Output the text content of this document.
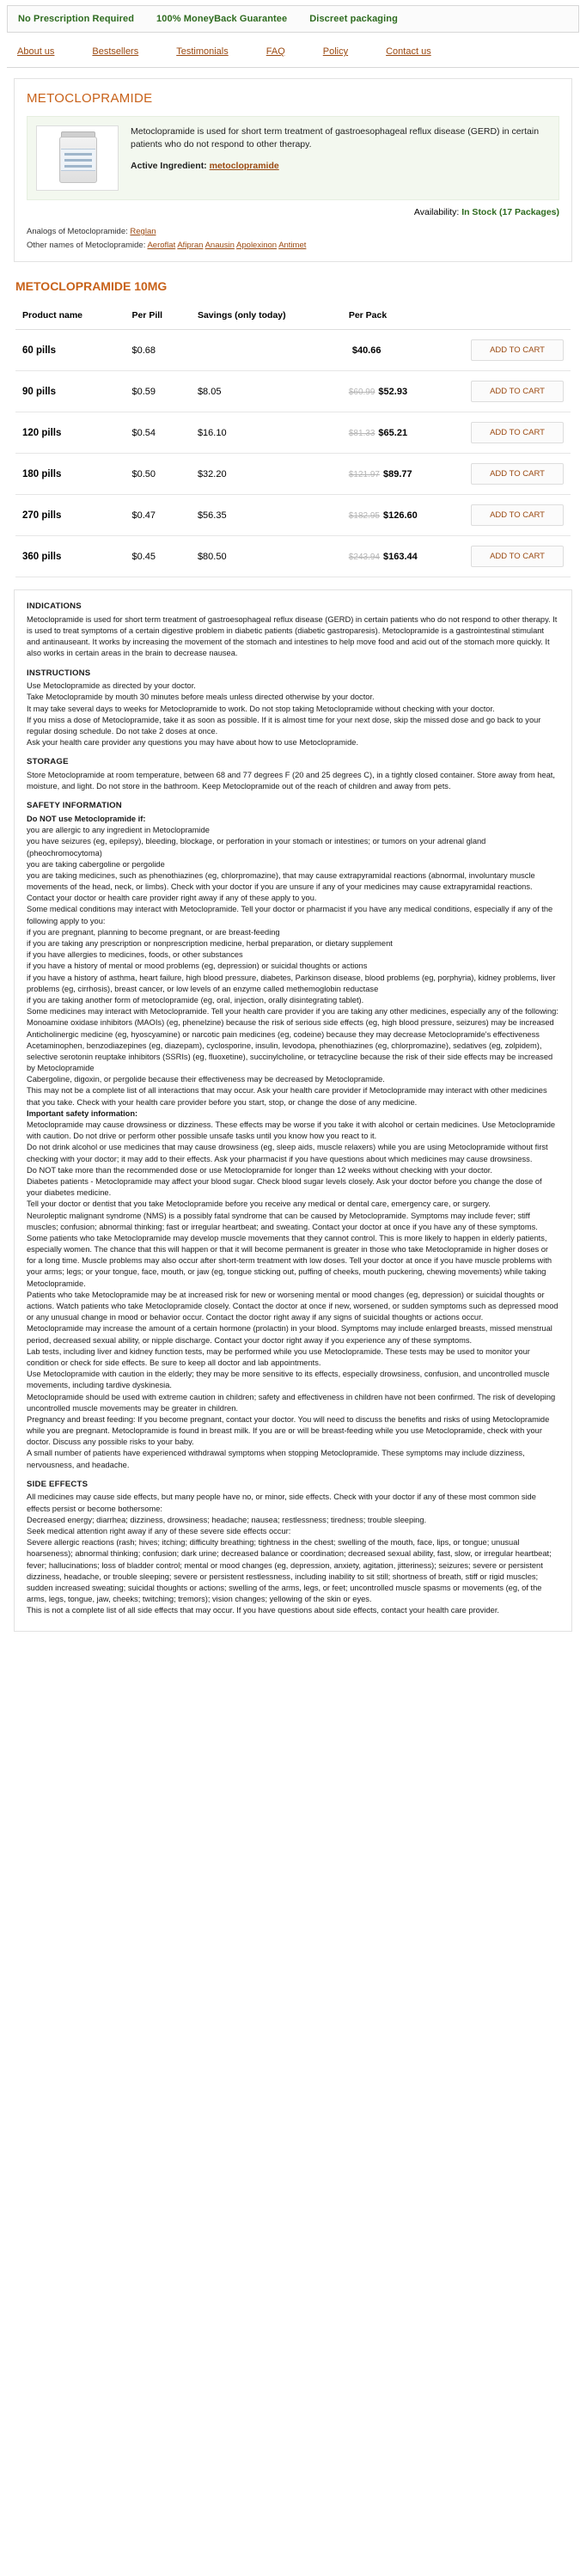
No Prescription Required 100% MoneyBack Guarantee Discreet packaging
About us	Bestsellers	Testimonials	FAQ	Policy	Contact us
METOCLOPRAMIDE

Metoclopramide is used for short term treatment of gastroesophageal reflux disease (GERD) in certain patients who do not respond to other therapy.

Active Ingredient: metoclopramide
Availability: In Stock (17 Packages)
Analogs of Metoclopramide: Reglan
Other names of Metoclopramide: Aeroflat Afipran Anausin Apolexinon Antimet
METOCLOPRAMIDE 10MG
Product name	Per Pill	Savings (only today)	Per Pack	
60 pills	$0.68		$40.66	ADD TO CART
90 pills	$0.59	$8.05	$60.99 $52.93	ADD TO CART
120 pills	$0.54	$16.10	$81.33 $65.21	ADD TO CART
180 pills	$0.50	$32.20	$121.97 $89.77	ADD TO CART
270 pills	$0.47	$56.35	$182.95 $126.60	ADD TO CART
360 pills	$0.45	$80.50	$243.94 $163.44	ADD TO CART
INDICATIONS

Metoclopramide is used for short term treatment of gastroesophageal reflux disease (GERD) in certain patients who do not respond to other therapy. It is used to treat symptoms of a certain digestive problem in diabetic patients (diabetic gastroparesis). Metoclopramide is a gastrointestinal stimulant and antinauseant. It works by increasing the movement of the stomach and intestines to help move food and acid out of the stomach more quickly. It also works in certain areas in the brain to decrease nausea.

INSTRUCTIONS

Use Metoclopramide as directed by your doctor.

Take Metoclopramide by mouth 30 minutes before meals unless directed otherwise by your doctor.

It may take several days to weeks for Metoclopramide to work. Do not stop taking Metoclopramide without checking with your doctor.

If you miss a dose of Metoclopramide, take it as soon as possible. If it is almost time for your next dose, skip the missed dose and go back to your regular dosing schedule. Do not take 2 doses at once.

Ask your health care provider any questions you may have about how to use Metoclopramide.

STORAGE

Store Metoclopramide at room temperature, between 68 and 77 degrees F (20 and 25 degrees C), in a tightly closed container. Store away from heat, moisture, and light. Do not store in the bathroom. Keep Metoclopramide out of the reach of children and away from pets.

SAFETY INFORMATION

Do NOT use Metoclopramide if:

you are allergic to any ingredient in Metoclopramide

you have seizures (eg, epilepsy), bleeding, blockage, or perforation in your stomach or intestines; or tumors on your adrenal gland (pheochromocytoma)

you are taking cabergoline or pergolide

you are taking medicines, such as phenothiazines (eg, chlorpromazine), that may cause extrapyramidal reactions (abnormal, involuntary muscle movements of the head, neck, or limbs). Check with your doctor if you are unsure if any of your medicines may cause extrapyramidal reactions.

Contact your doctor or health care provider right away if any of these apply to you.

Some medical conditions may interact with Metoclopramide. Tell your doctor or pharmacist if you have any medical conditions, especially if any of the following apply to you:

if you are pregnant, planning to become pregnant, or are breast-feeding

if you are taking any prescription or nonprescription medicine, herbal preparation, or dietary supplement

if you have allergies to medicines, foods, or other substances

if you have a history of mental or mood problems (eg, depression) or suicidal thoughts or actions

if you have a history of asthma, heart failure, high blood pressure, diabetes, Parkinson disease, blood problems (eg, porphyria), kidney problems, liver problems (eg, cirrhosis), breast cancer, or low levels of an enzyme called methemoglobin reductase

if you are taking another form of metoclopramide (eg, oral, injection, orally disintegrating tablet).

Some medicines may interact with Metoclopramide. Tell your health care provider if you are taking any other medicines, especially any of the following:

Monoamine oxidase inhibitors (MAOIs) (eg, phenelzine) because the risk of serious side effects (eg, high blood pressure, seizures) may be increased

Anticholinergic medicine (eg, hyoscyamine) or narcotic pain medicines (eg, codeine) because they may decrease Metoclopramide's effectiveness

Acetaminophen, benzodiazepines (eg, diazepam), cyclosporine, insulin, levodopa, phenothiazines (eg, chlorpromazine), sedatives (eg, zolpidem), selective serotonin reuptake inhibitors (SSRIs) (eg, fluoxetine), succinylcholine, or tetracycline because the risk of their side effects may be increased by Metoclopramide

Cabergoline, digoxin, or pergolide because their effectiveness may be decreased by Metoclopramide.

This may not be a complete list of all interactions that may occur. Ask your health care provider if Metoclopramide may interact with other medicines that you take. Check with your health care provider before you start, stop, or change the dose of any medicine.

Important safety information:

Metoclopramide may cause drowsiness or dizziness. These effects may be worse if you take it with alcohol or certain medicines. Use Metoclopramide with caution. Do not drive or perform other possible unsafe tasks until you know how you react to it.

Do not drink alcohol or use medicines that may cause drowsiness (eg, sleep aids, muscle relaxers) while you are using Metoclopramide without first checking with your doctor; it may add to their effects. Ask your pharmacist if you have questions about which medicines may cause drowsiness.

Do NOT take more than the recommended dose or use Metoclopramide for longer than 12 weeks without checking with your doctor.

Diabetes patients - Metoclopramide may affect your blood sugar. Check blood sugar levels closely. Ask your doctor before you change the dose of your diabetes medicine.

Tell your doctor or dentist that you take Metoclopramide before you receive any medical or dental care, emergency care, or surgery.

Neuroleptic malignant syndrome (NMS) is a possibly fatal syndrome that can be caused by Metoclopramide. Symptoms may include fever; stiff muscles; confusion; abnormal thinking; fast or irregular heartbeat; and sweating. Contact your doctor at once if you have any of these symptoms.

Some patients who take Metoclopramide may develop muscle movements that they cannot control. This is more likely to happen in elderly patients, especially women. The chance that this will happen or that it will become permanent is greater in those who take Metoclopramide in higher doses or for a long time. Muscle problems may also occur after short-term treatment with low doses. Tell your doctor at once if you have muscle problems with your arms; legs; or your tongue, face, mouth, or jaw (eg, tongue sticking out, puffing of cheeks, mouth puckering, chewing movements) while taking Metoclopramide.

Patients who take Metoclopramide may be at increased risk for new or worsening mental or mood changes (eg, depression) or suicidal thoughts or actions. Watch patients who take Metoclopramide closely. Contact the doctor at once if new, worsened, or sudden symptoms such as depressed mood or any unusual change in mood or behavior occur. Contact the doctor right away if any signs of suicidal thoughts or actions occur.

Metoclopramide may increase the amount of a certain hormone (prolactin) in your blood. Symptoms may include enlarged breasts, missed menstrual period, decreased sexual ability, or nipple discharge. Contact your doctor right away if you experience any of these symptoms.

Lab tests, including liver and kidney function tests, may be performed while you use Metoclopramide. These tests may be used to monitor your condition or check for side effects. Be sure to keep all doctor and lab appointments.

Use Metoclopramide with caution in the elderly; they may be more sensitive to its effects, especially drowsiness, confusion, and uncontrolled muscle movements, including tardive dyskinesia.

Metoclopramide should be used with extreme caution in children; safety and effectiveness in children have not been confirmed. The risk of developing uncontrolled muscle movements may be greater in children.

Pregnancy and breast feeding: If you become pregnant, contact your doctor. You will need to discuss the benefits and risks of using Metoclopramide while you are pregnant. Metoclopramide is found in breast milk. If you are or will be breast-feeding while you use Metoclopramide, check with your doctor. Discuss any possible risks to your baby.

A small number of patients have experienced withdrawal symptoms when stopping Metoclopramide. These symptoms may include dizziness, nervousness, and headache.

SIDE EFFECTS

All medicines may cause side effects, but many people have no, or minor, side effects. Check with your doctor if any of these most common side effects persist or become bothersome:

Decreased energy; diarrhea; dizziness, drowsiness; headache; nausea; restlessness; tiredness; trouble sleeping.

Seek medical attention right away if any of these severe side effects occur:

Severe allergic reactions (rash; hives; itching; difficulty breathing; tightness in the chest; swelling of the mouth, face, lips, or tongue; unusual hoarseness); abnormal thinking; confusion; dark urine; decreased balance or coordination; decreased sexual ability, fast, slow, or irregular heartbeat; fever; hallucinations; loss of bladder control; mental or mood changes (eg, depression, anxiety, agitation, jitteriness); seizures; severe or persistent dizziness, headache, or trouble sleeping; severe or persistent restlessness, including inability to sit still; shortness of breath, stiff or rigid muscles; sudden increased sweating; suicidal thoughts or actions; swelling of the arms, legs, or feet; uncontrolled muscle spasms or movements (eg, of the arms, legs, tongue, jaw, cheeks; twitching; tremors); vision changes; yellowing of the skin or eyes.

This is not a complete list of all side effects that may occur. If you have questions about side effects, contact your health care provider.
